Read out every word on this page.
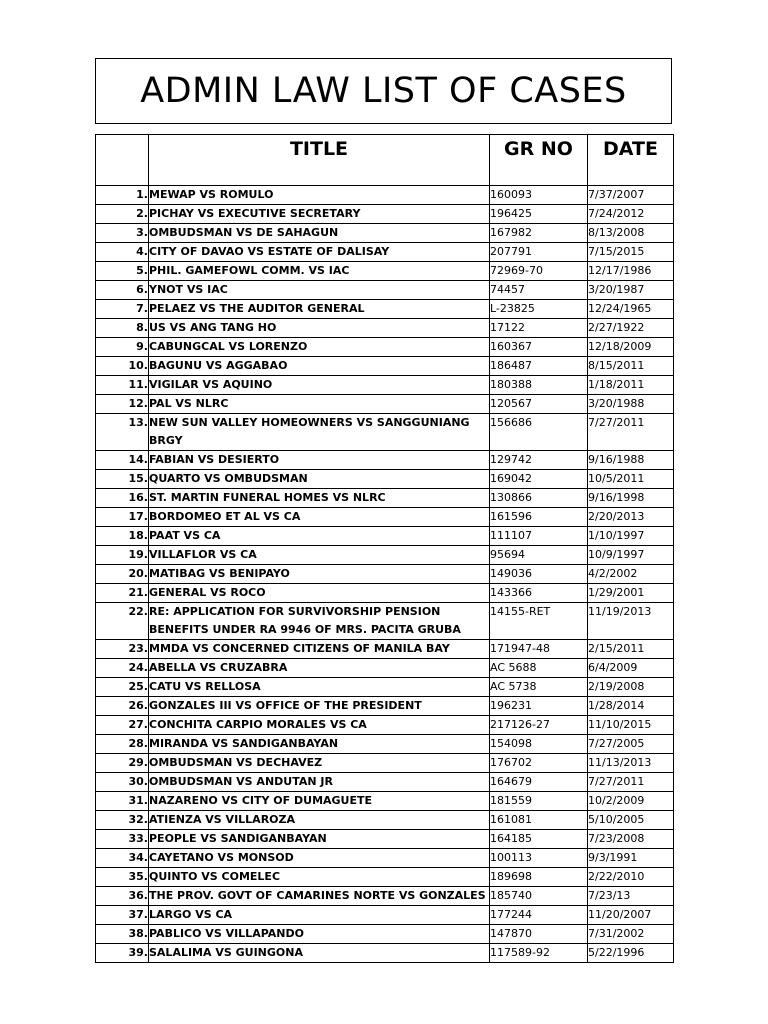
ADMIN LAW LIST OF CASES
	TITLE	GR NO	DATE
1.	MEWAP VS ROMULO	160093	7/37/2007
2.	PICHAY VS EXECUTIVE SECRETARY	196425	7/24/2012
3.	OMBUDSMAN VS DE SAHAGUN	167982	8/13/2008
4.	CITY OF DAVAO VS ESTATE OF DALISAY	207791	7/15/2015
5.	PHIL. GAMEFOWL COMM. VS IAC	72969-70	12/17/1986
6.	YNOT VS IAC	74457	3/20/1987
7.	PELAEZ VS THE AUDITOR GENERAL	L-23825	12/24/1965
8.	US VS ANG TANG HO	17122	2/27/1922
9.	CABUNGCAL VS LORENZO	160367	12/18/2009
10.	BAGUNU VS AGGABAO	186487	8/15/2011
11.	VIGILAR VS AQUINO	180388	1/18/2011
12.	PAL VS NLRC	120567	3/20/1988
13.	NEW SUN VALLEY HOMEOWNERS VS SANGGUNIANG BRGY	156686	7/27/2011
14.	FABIAN VS DESIERTO	129742	9/16/1988
15.	QUARTO VS OMBUDSMAN	169042	10/5/2011
16.	ST. MARTIN FUNERAL HOMES VS NLRC	130866	9/16/1998
17.	BORDOMEO ET AL VS CA	161596	2/20/2013
18.	PAAT VS CA	111107	1/10/1997
19.	VILLAFLOR VS CA	95694	10/9/1997
20.	MATIBAG VS BENIPAYO	149036	4/2/2002
21.	GENERAL VS ROCO	143366	1/29/2001
22.	RE: APPLICATION FOR SURVIVORSHIP PENSION BENEFITS UNDER RA 9946 OF MRS. PACITA GRUBA	14155-RET	11/19/2013
23.	MMDA VS CONCERNED CITIZENS OF MANILA BAY	171947-48	2/15/2011
24.	ABELLA VS CRUZABRA	AC 5688	6/4/2009
25.	CATU VS RELLOSA	AC 5738	2/19/2008
26.	GONZALES III VS OFFICE OF THE PRESIDENT	196231	1/28/2014
27.	CONCHITA CARPIO MORALES VS CA	217126-27	11/10/2015
28.	MIRANDA VS SANDIGANBAYAN	154098	7/27/2005
29.	OMBUDSMAN VS DECHAVEZ	176702	11/13/2013
30.	OMBUDSMAN VS ANDUTAN JR	164679	7/27/2011
31.	NAZARENO VS CITY OF DUMAGUETE	181559	10/2/2009
32.	ATIENZA VS VILLAROZA	161081	5/10/2005
33.	PEOPLE VS SANDIGANBAYAN	164185	7/23/2008
34.	CAYETANO VS MONSOD	100113	9/3/1991
35.	QUINTO VS COMELEC	189698	2/22/2010
36.	THE PROV. GOVT OF CAMARINES NORTE VS GONZALES	185740	7/23/13
37.	LARGO VS CA	177244	11/20/2007
38.	PABLICO VS VILLAPANDO	147870	7/31/2002
39.	SALALIMA VS GUINGONA	117589-92	5/22/1996
